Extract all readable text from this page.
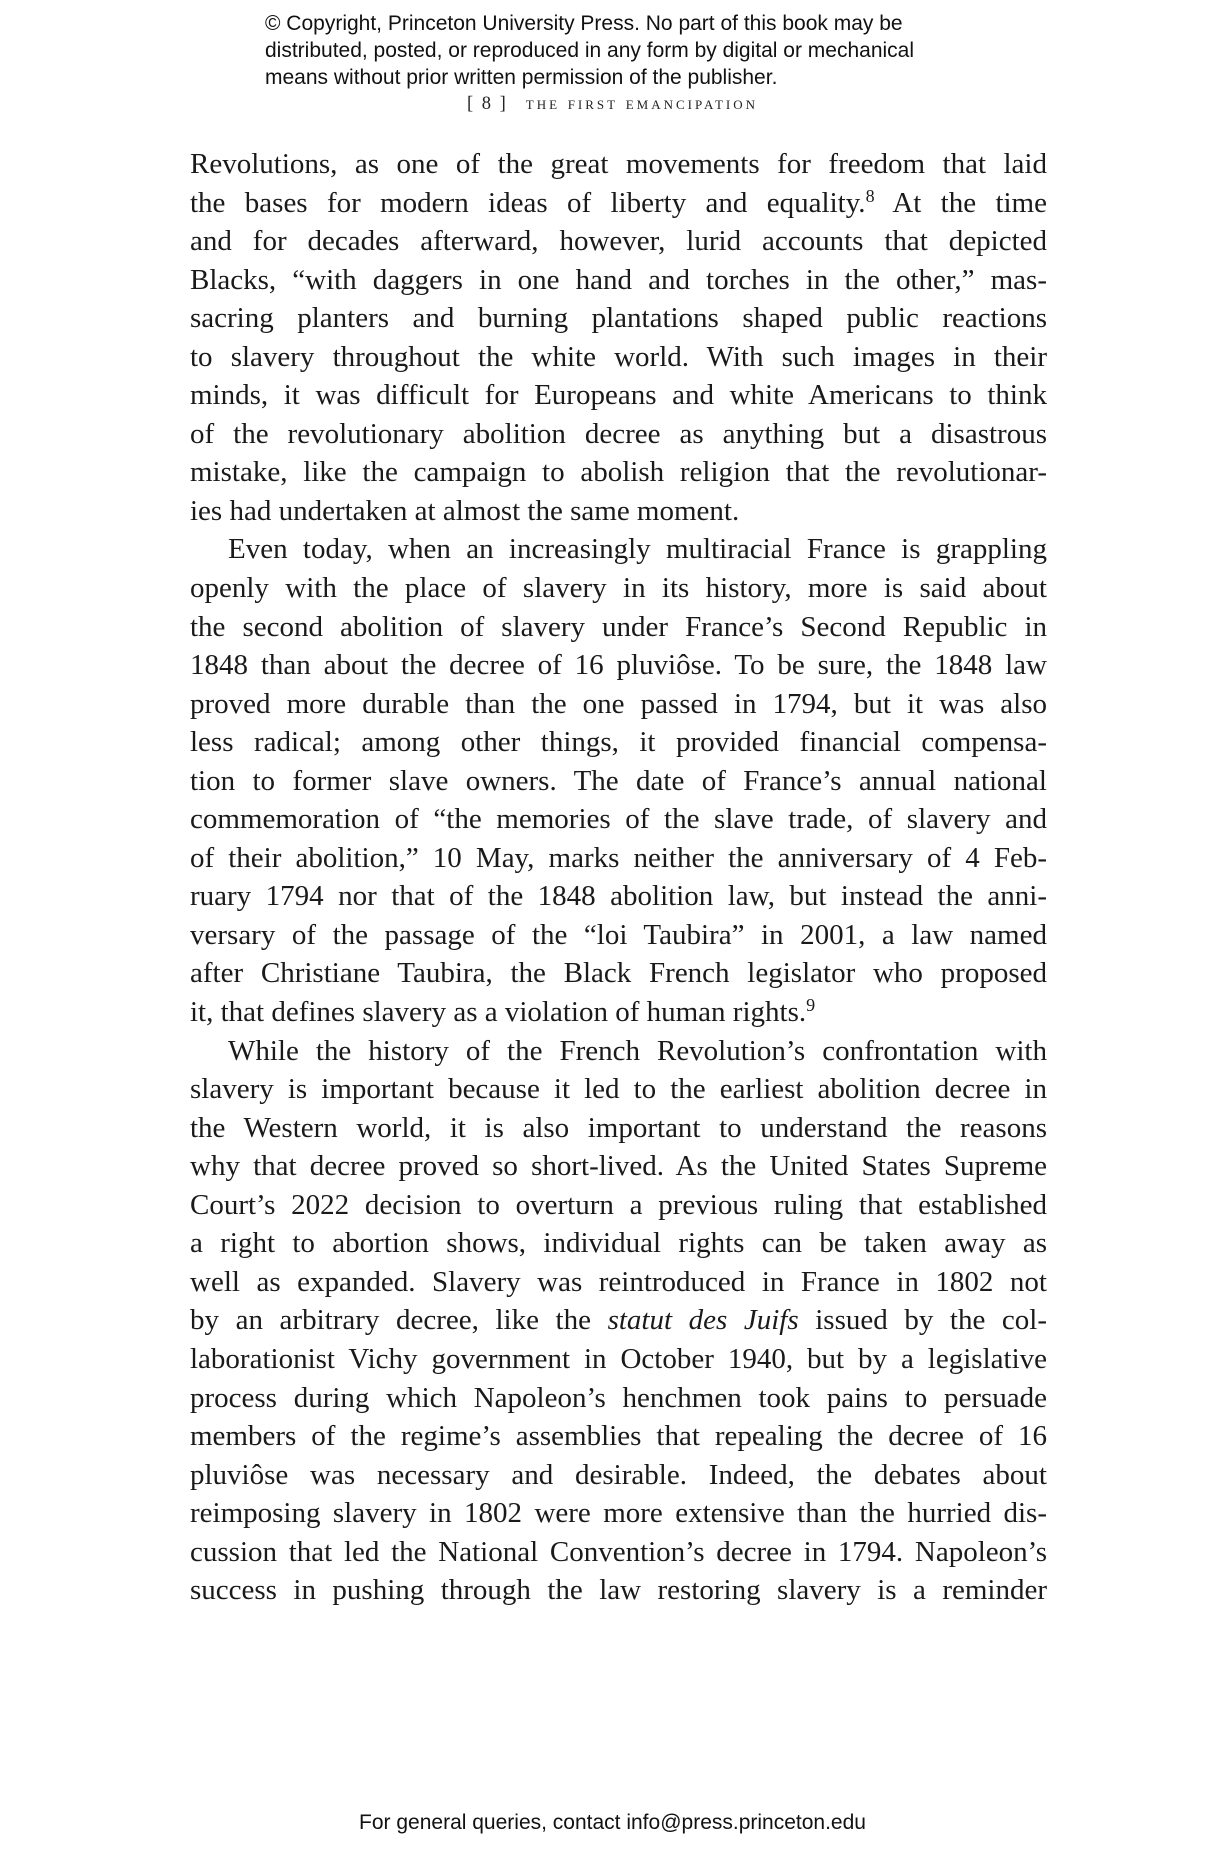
© Copyright, Princeton University Press. No part of this book may be
distributed, posted, or reproduced in any form by digital or mechanical
means without prior written permission of the publisher.
[ 8 ] the first emancipation
Revolutions, as one of the great movements for freedom that laid
the bases for modern ideas of liberty and equality.$^8$ At the time
and for decades afterward, however, lurid accounts that depicted
Blacks, “with daggers in one hand and torches in the other,” mas-
sacring planters and burning plantations shaped public reactions
to slavery throughout the white world. With such images in their
minds, it was difficult for Europeans and white Americans to think
of the revolutionary abolition decree as anything but a disastrous
mistake, like the campaign to abolish religion that the revolutionar-
ies had undertaken at almost the same moment.
Even today, when an increasingly multiracial France is grappling
openly with the place of slavery in its history, more is said about
the second abolition of slavery under France’s Second Republic in
1848 than about the decree of 16 pluviôse. To be sure, the 1848 law
proved more durable than the one passed in 1794, but it was also
less radical; among other things, it provided financial compensa-
tion to former slave owners. The date of France’s annual national
commemoration of “the memories of the slave trade, of slavery and
of their abolition,” 10 May, marks neither the anniversary of 4 Feb-
ruary 1794 nor that of the 1848 abolition law, but instead the anni-
versary of the passage of the “loi Taubira” in 2001, a law named
after Christiane Taubira, the Black French legislator who proposed
it, that defines slavery as a violation of human rights.$^9$
While the history of the French Revolution’s confrontation with
slavery is important because it led to the earliest abolition decree in
the Western world, it is also important to understand the reasons
why that decree proved so short-lived. As the United States Supreme
Court’s 2022 decision to overturn a previous ruling that established
a right to abortion shows, individual rights can be taken away as
well as expanded. Slavery was reintroduced in France in 1802 not
by an arbitrary decree, like the statut des Juifs issued by the col-
laborationist Vichy government in October 1940, but by a legislative
process during which Napoleon’s henchmen took pains to persuade
members of the regime’s assemblies that repealing the decree of 16
pluviôse was necessary and desirable. Indeed, the debates about
reimposing slavery in 1802 were more extensive than the hurried dis-
cussion that led the National Convention’s decree in 1794. Napoleon’s
success in pushing through the law restoring slavery is a reminder
For general queries, contact info@press.princeton.edu
